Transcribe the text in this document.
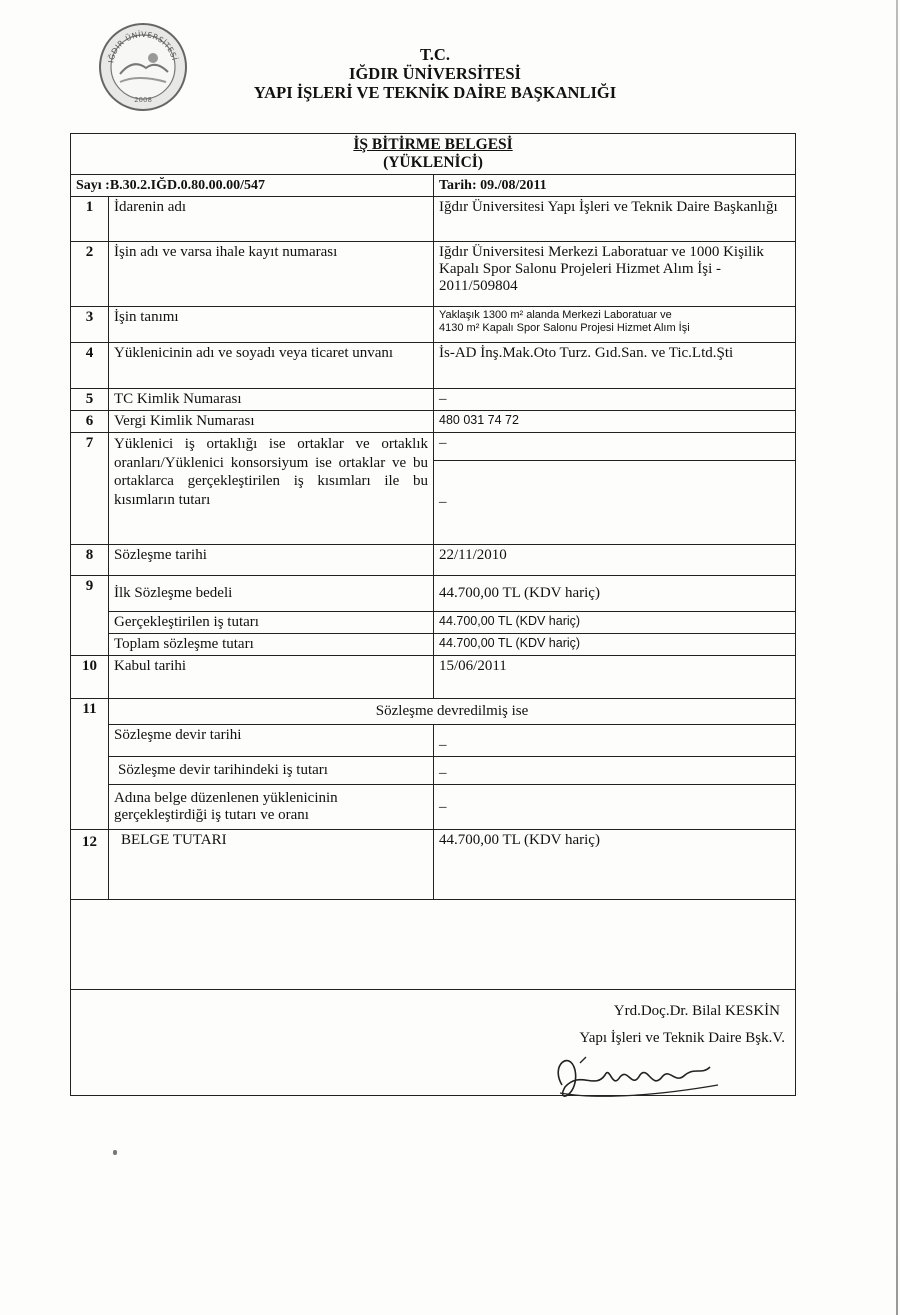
IĞDIR ÜNİVERSİTESİ
2008
T.C.
IĞDIR ÜNİVERSİTESİ
YAPI İŞLERİ VE TEKNİK DAİRE BAŞKANLIĞI
İŞ BİTİRME BELGESİ
(YÜKLENİCİ)		

Sayı :B.30.2.IĞD.0.80.00.00/547		Tarih: 09./08/2011
1	İdarenin adı	Iğdır Üniversitesi Yapı İşleri ve Teknik Daire Başkanlığı
2	İşin adı ve varsa ihale kayıt numarası	Iğdır Üniversitesi Merkezi Laboratuar ve 1000 Kişilik Kapalı Spor Salonu Projeleri Hizmet Alım İşi - 2011/509804
3	İşin tanımı	Yaklaşık 1300 m² alanda Merkezi Laboratuar ve
4130 m² Kapalı Spor Salonu Projesi Hizmet Alım İşi

4	Yüklenicinin adı ve soyadı veya ticaret unvanı	İs-AD İnş.Mak.Oto Turz. Gıd.San. ve Tic.Ltd.Şti
5	TC Kimlik Numarası	–
6	Vergi Kimlik Numarası	480 031 74 72
7	Yüklenici iş ortaklığı ise ortaklar ve ortaklık oranları/Yüklenici konsorsiyum ise ortaklar ve bu ortaklarca gerçekleştirilen iş kısımları ile bu kısımların tutarı	–
		–
8	Sözleşme tarihi	22/11/2010
9	İlk Sözleşme bedeli	44.700,00 TL (KDV hariç)
	Gerçekleştirilen iş tutarı	44.700,00 TL (KDV hariç)
	Toplam sözleşme tutarı	44.700,00 TL (KDV hariç)
10	Kabul tarihi	15/06/2011
11	Sözleşme devredilmiş ise	
	Sözleşme devir tarihi	–
	Sözleşme devir tarihindeki iş tutarı	–
	Adına belge düzenlenen yüklenicinin gerçekleştirdiği iş tutarı ve oranı	–
12	BELGE TUTARI	44.700,00 TL (KDV hariç)

Yrd.Doç.Dr. Bilal KESKİN
Yapı İşleri ve Teknik Daire Bşk.V.
